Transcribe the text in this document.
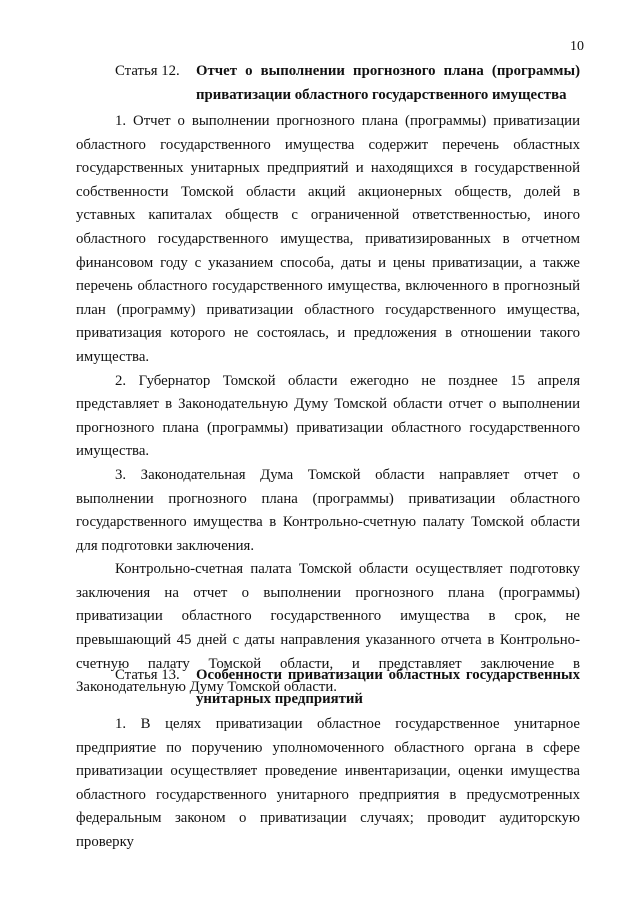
10
Статья 12.	Отчет о выполнении прогнозного плана (программы) приватизации областного государственного имущества

1. Отчет о выполнении прогнозного плана (программы) приватизации областного государственного имущества содержит перечень областных государственных унитарных предприятий и находящихся в государственной собственности Томской области акций акционерных обществ, долей в уставных капиталах обществ с ограниченной ответственностью, иного областного государственного имущества, приватизированных в отчетном финансовом году с указанием способа, даты и цены приватизации, а также перечень областного государственного имущества, включенного в прогнозный план (программу) приватизации областного государственного имущества, приватизация которого не состоялась, и предложения в отношении такого имущества.

2. Губернатор Томской области ежегодно не позднее 15 апреля представляет в Законодательную Думу Томской области отчет о выполнении прогнозного плана (программы) приватизации областного государственного имущества.

3. Законодательная Дума Томской области направляет отчет о выполнении прогнозного плана (программы) приватизации областного государственного имущества в Контрольно-счетную палату Томской области для подготовки заключения.

Контрольно-счетная палата Томской области осуществляет подготовку заключения на отчет о выполнении прогнозного плана (программы) приватизации областного государственного имущества в срок, не превышающий 45 дней с даты направления указанного отчета в Контрольно-счетную палату Томской области, и представляет заключение в Законодательную Думу Томской области.

Статья 13.	Особенности приватизации областных государственных унитарных предприятий

1. В целях приватизации областное государственное унитарное предприятие по поручению уполномоченного областного органа в сфере приватизации осуществляет проведение инвентаризации, оценки имущества областного государственного унитарного предприятия в предусмотренных федеральным законом о приватизации случаях; проводит аудиторскую проверку
